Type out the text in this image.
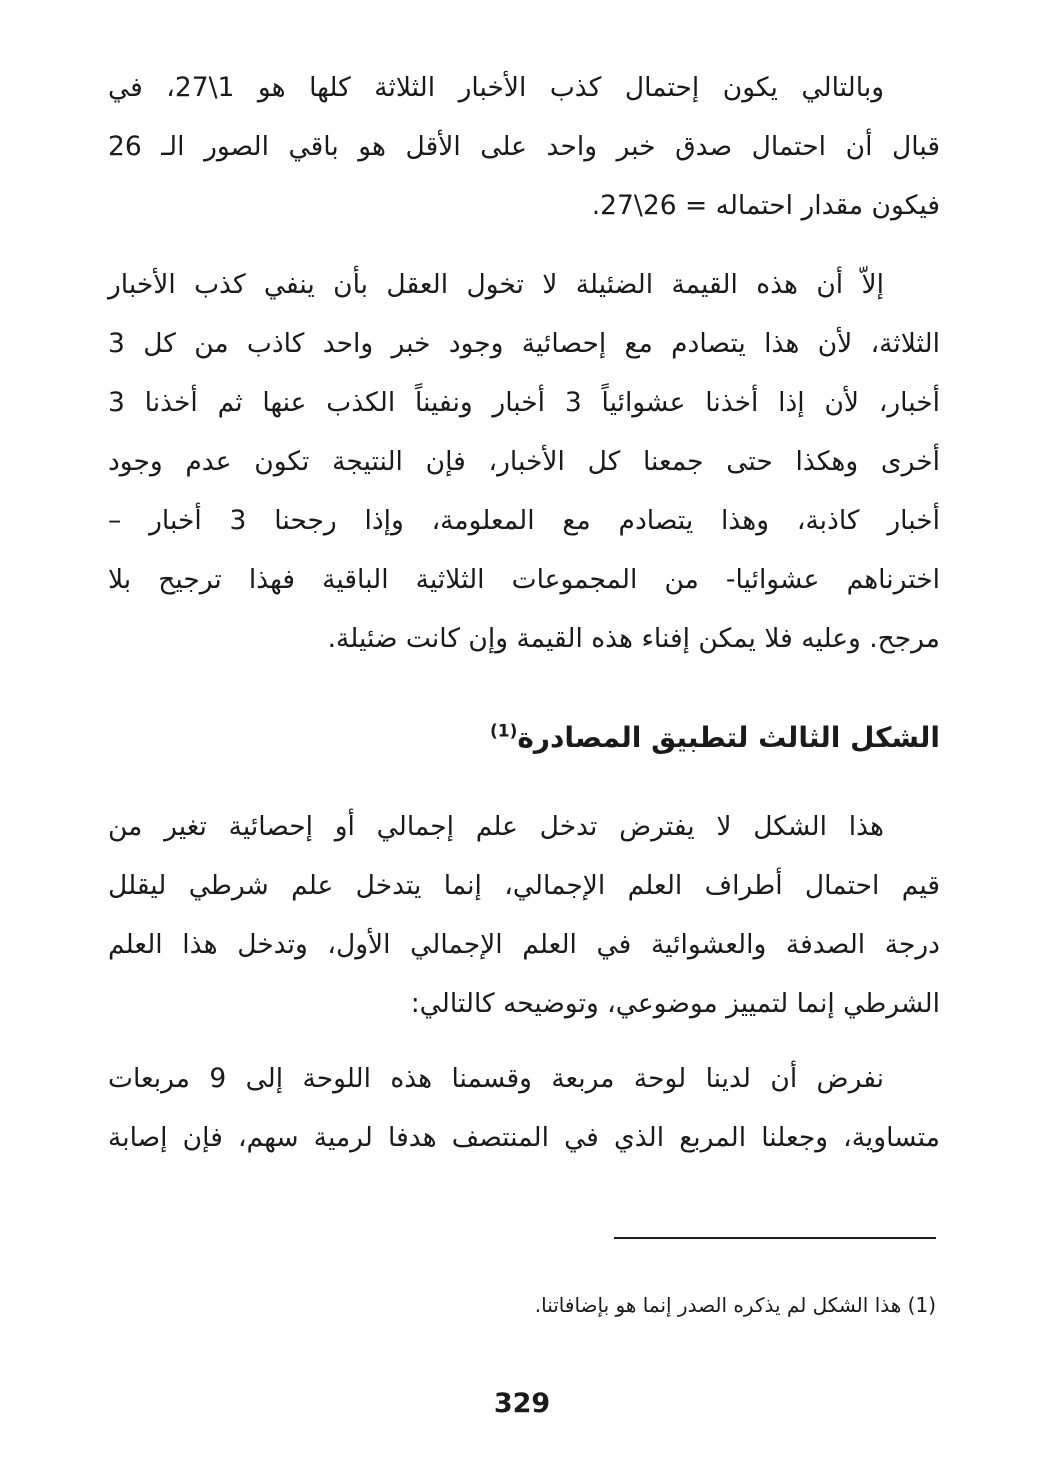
وبالتالي يكون إحتمال كذب الأخبار الثلاثة كلها هو 1\27، في
قبال أن احتمال صدق خبر واحد على الأقل هو باقي الصور الـ 26
فيكون مقدار احتماله = 26\27.
إلاّ أن هذه القيمة الضئيلة لا تخول العقل بأن ينفي كذب الأخبار
الثلاثة، لأن هذا يتصادم مع إحصائية وجود خبر واحد كاذب من كل 3
أخبار، لأن إذا أخذنا عشوائياً 3 أخبار ونفيناً الكذب عنها ثم أخذنا 3
أخرى وهكذا حتى جمعنا كل الأخبار، فإن النتيجة تكون عدم وجود
أخبار كاذبة، وهذا يتصادم مع المعلومة، وإذا رجحنا 3 أخبار –
اخترناهم عشوائيا- من المجموعات الثلاثية الباقية فهذا ترجيح بلا
مرجح. وعليه فلا يمكن إفناء هذه القيمة وإن كانت ضئيلة.
الشكل الثالث لتطبيق المصادرة$^{(1)}$
هذا الشكل لا يفترض تدخل علم إجمالي أو إحصائية تغير من
قيم احتمال أطراف العلم الإجمالي، إنما يتدخل علم شرطي ليقلل
درجة الصدفة والعشوائية في العلم الإجمالي الأول، وتدخل هذا العلم
الشرطي إنما لتمييز موضوعي، وتوضيحه كالتالي:
نفرض أن لدينا لوحة مربعة وقسمنا هذه اللوحة إلى 9 مربعات
متساوية، وجعلنا المربع الذي في المنتصف هدفا لرمية سهم، فإن إصابة
(1) هذا الشكل لم يذكره الصدر إنما هو بإضافاتنا.
329
